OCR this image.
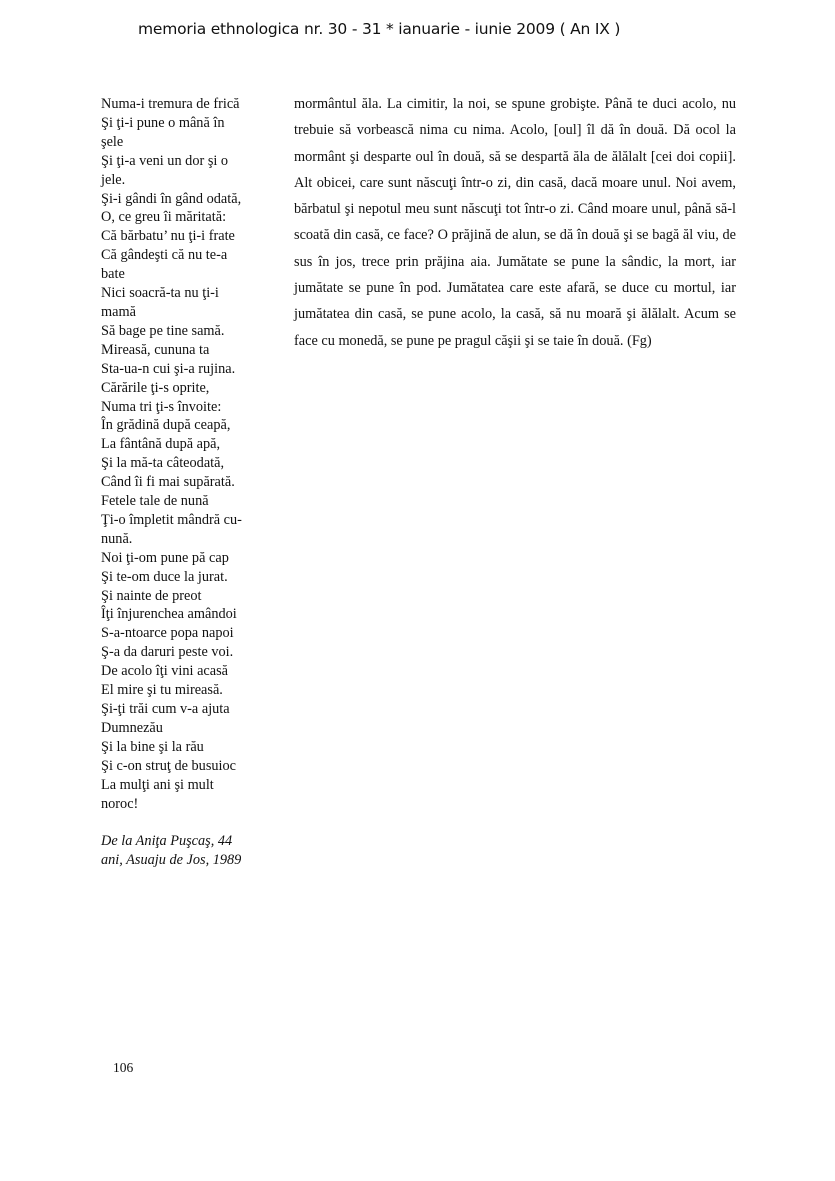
memoria ethnologica nr. 30 - 31 * ianuarie - iunie 2009 ( An IX )
Numa-i tremura de frică
Şi ţi-i pune o mână în
şele
Şi ţi-a veni un dor şi o
jele.
Şi-i gândi în gând odată,
O, ce greu îi măritată:
Că bărbatu’ nu ţi-i frate
Că gândeşti că nu te-a
bate
Nici soacră-ta nu ţi-i
mamă
Să bage pe tine samă.
Mireasă, cununa ta
Sta-ua-n cui şi-a rujina.
Cărările ţi-s oprite,
Numa tri ţi-s învoite:
În grădină după ceapă,
La fântână după apă,
Şi la mă-ta câteodată,
Când îi fi mai supărată.
Fetele tale de nună
Ţi-o împletit mândră cu-
nună.
Noi ţi-om pune pă cap
Şi te-om duce la jurat.
Şi nainte de preot
Îţi înjurenchea amândoi
S-a-ntoarce popa napoi
Ş-a da daruri peste voi.
De acolo îţi vini acasă
El mire şi tu mireasă.
Şi-ţi trăi cum v-a ajuta
Dumnezău
Şi la bine şi la rău
Şi c-on struţ de busuioc
La mulţi ani şi mult
noroc!
De la Aniţa Puşcaş, 44
ani, Asuaju de Jos, 1989

mormântul ăla. La cimitir, la noi, se spune grobişte. Până te duci acolo, nu trebuie să vorbească nima cu nima. Acolo, [oul] îl dă în două. Dă ocol la mormânt şi desparte oul în două, să se despartă ăla de ălălalt [cei doi copii]. Alt obicei, care sunt născuţi într-o zi, din casă, dacă moare unul. Noi avem, bărbatul şi nepotul meu sunt născuţi tot într-o zi. Când moare unul, până să-l scoată din casă, ce face? O prăjină de alun, se dă în două şi se bagă ăl viu, de sus în jos, trece prin prăjina aia. Jumătate se pune la sândic, la mort, iar jumătate se pune în pod. Jumătatea care este afară, se duce cu mortul, iar jumătatea din casă, se pune acolo, la casă, să nu moară şi ălălalt. Acum se face cu monedă, se pune pe pragul căşii şi se taie în două. (Fg)

106
